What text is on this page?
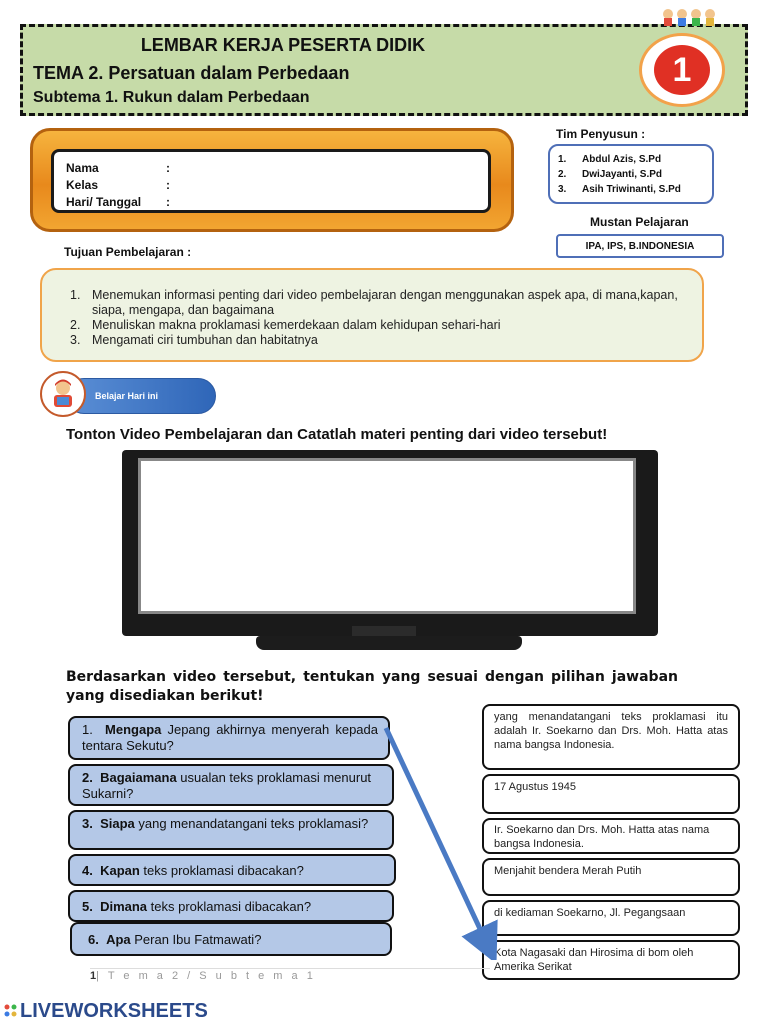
LEMBAR KERJA PESERTA DIDIK
TEMA 2. Persatuan dalam Perbedaan
Subtema 1. Rukun dalam Perbedaan
1
Nama	:
Kelas	:
Hari/ Tanggal :
Tim Penyusun :
1.	Abdul Azis, S.Pd
2.	DwiJayanti, S.Pd
3.	Asih Triwinanti, S.Pd
Mustan Pelajaran
IPA, IPS, B.INDONESIA
Tujuan Pembelajaran :
1. Menemukan informasi penting dari video pembelajaran dengan menggunakan aspek apa, di mana,kapan, siapa, mengapa, dan bagaimana
2. Menuliskan makna proklamasi kemerdekaan dalam kehidupan sehari-hari
3. Mengamati ciri tumbuhan dan habitatnya
Belajar Hari ini
Tonton Video Pembelajaran dan Catatlah materi penting dari video tersebut!
Berdasarkan video tersebut, tentukan yang sesuai dengan pilihan jawaban yang disediakan berikut!
1. Mengapa Jepang akhirnya menyerah kepada tentara Sekutu?
2. Bagaiamana usualan teks proklamasi menurut Sukarni?
3. Siapa yang menandatangani teks proklamasi?
4. Kapan teks proklamasi dibacakan?
5. Dimana teks proklamasi dibacakan?
6. Apa Peran Ibu Fatmawati?
yang menandatangani teks proklamasi itu adalah Ir. Soekarno dan Drs. Moh. Hatta atas nama bangsa Indonesia.
17 Agustus 1945
Ir. Soekarno dan Drs. Moh. Hatta atas nama bangsa Indonesia.
Menjahit bendera Merah Putih
di kediaman Soekarno, Jl. Pegangsaan
Kota Nagasaki dan Hirosima di bom oleh Amerika Serikat
1| T e m a 2 / S u b t e m a 1
LIVEWORKSHEETS
